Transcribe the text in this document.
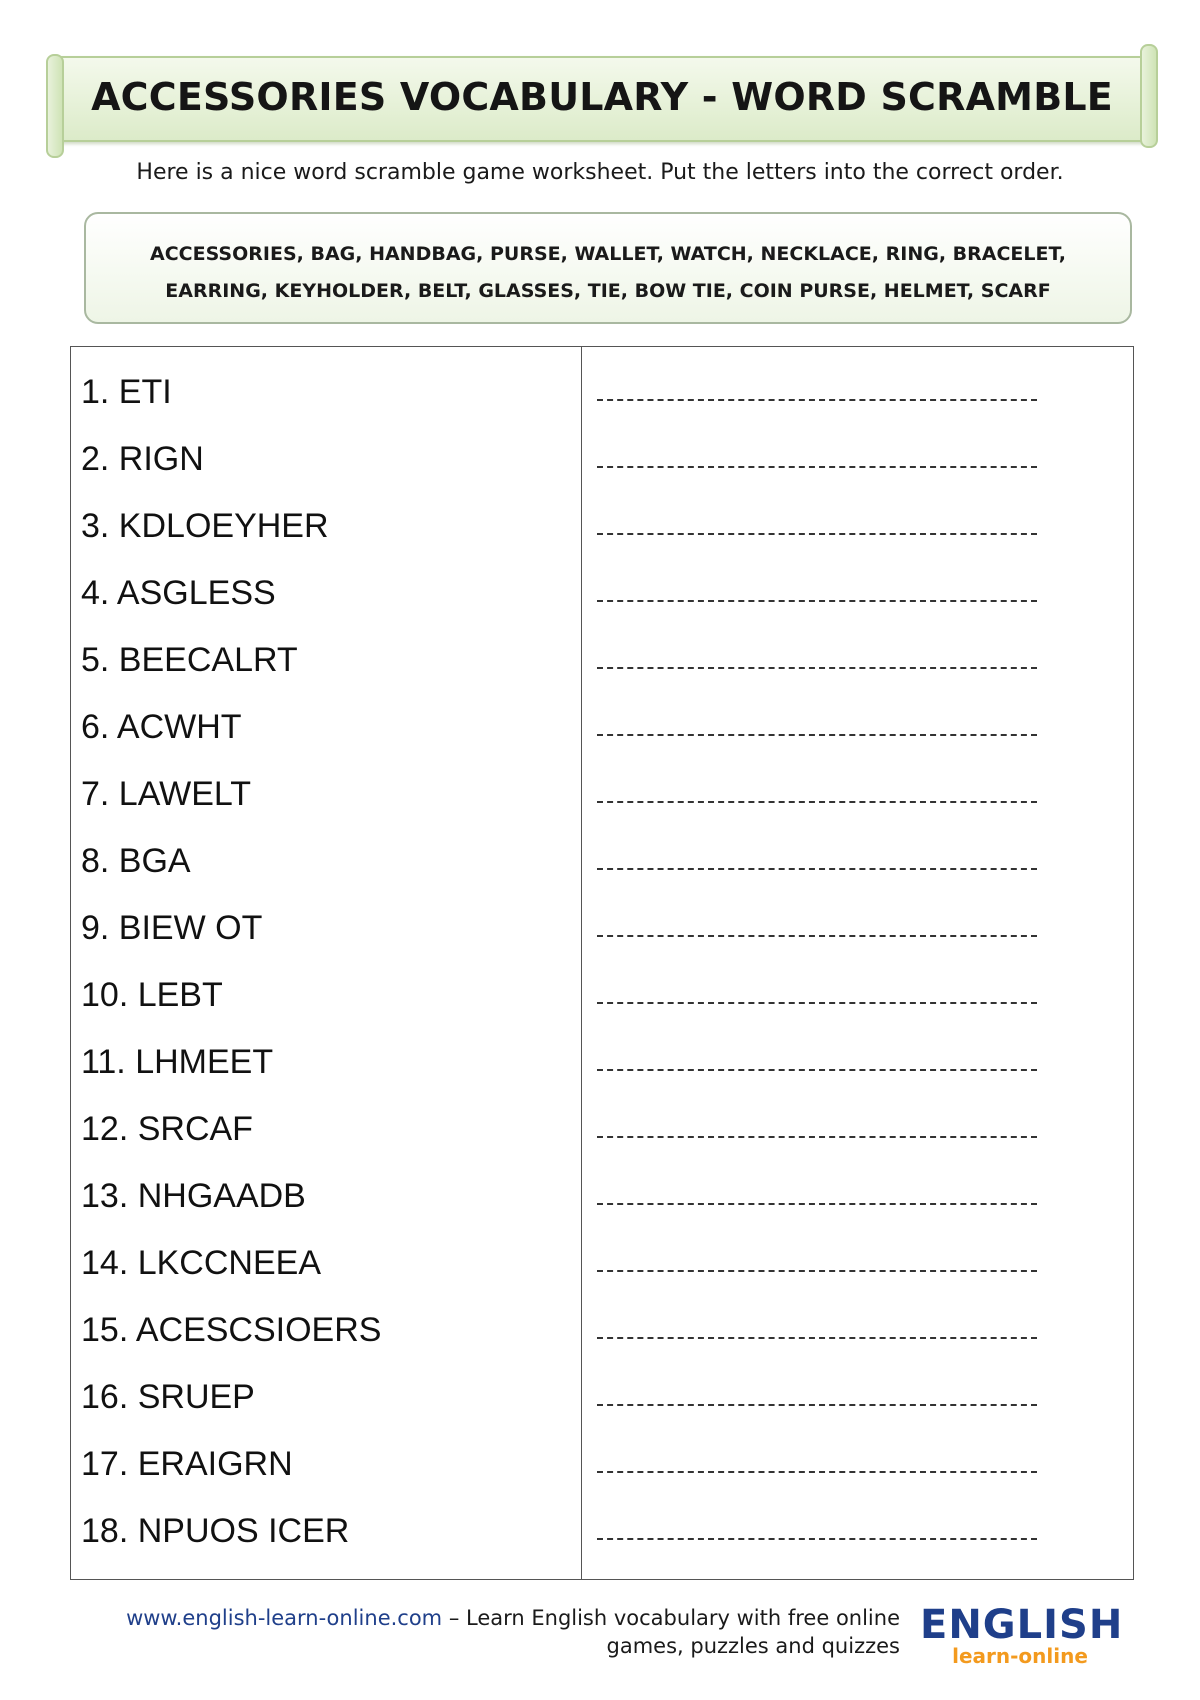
ACCESSORIES VOCABULARY - WORD SCRAMBLE
Here is a nice word scramble game worksheet. Put the letters into the correct order.
ACCESSORIES, BAG, HANDBAG, PURSE, WALLET, WATCH, NECKLACE, RING, BRACELET,
EARRING, KEYHOLDER, BELT, GLASSES, TIE, BOW TIE, COIN PURSE, HELMET, SCARF
1. ETI
2. RIGN
3. KDLOEYHER
4. ASGLESS
5. BEECALRT
6. ACWHT
7. LAWELT
8. BGA
9. BIEW OT
10. LEBT
11. LHMEET
12. SRCAF
13. NHGAADB
14. LKCCNEEA
15. ACESCSIOERS
16. SRUEP
17. ERAIGRN
18. NPUOS ICER
www.english-learn-online.com – Learn English vocabulary with free online
games, puzzles and quizzes ENGLISH
learn-online
